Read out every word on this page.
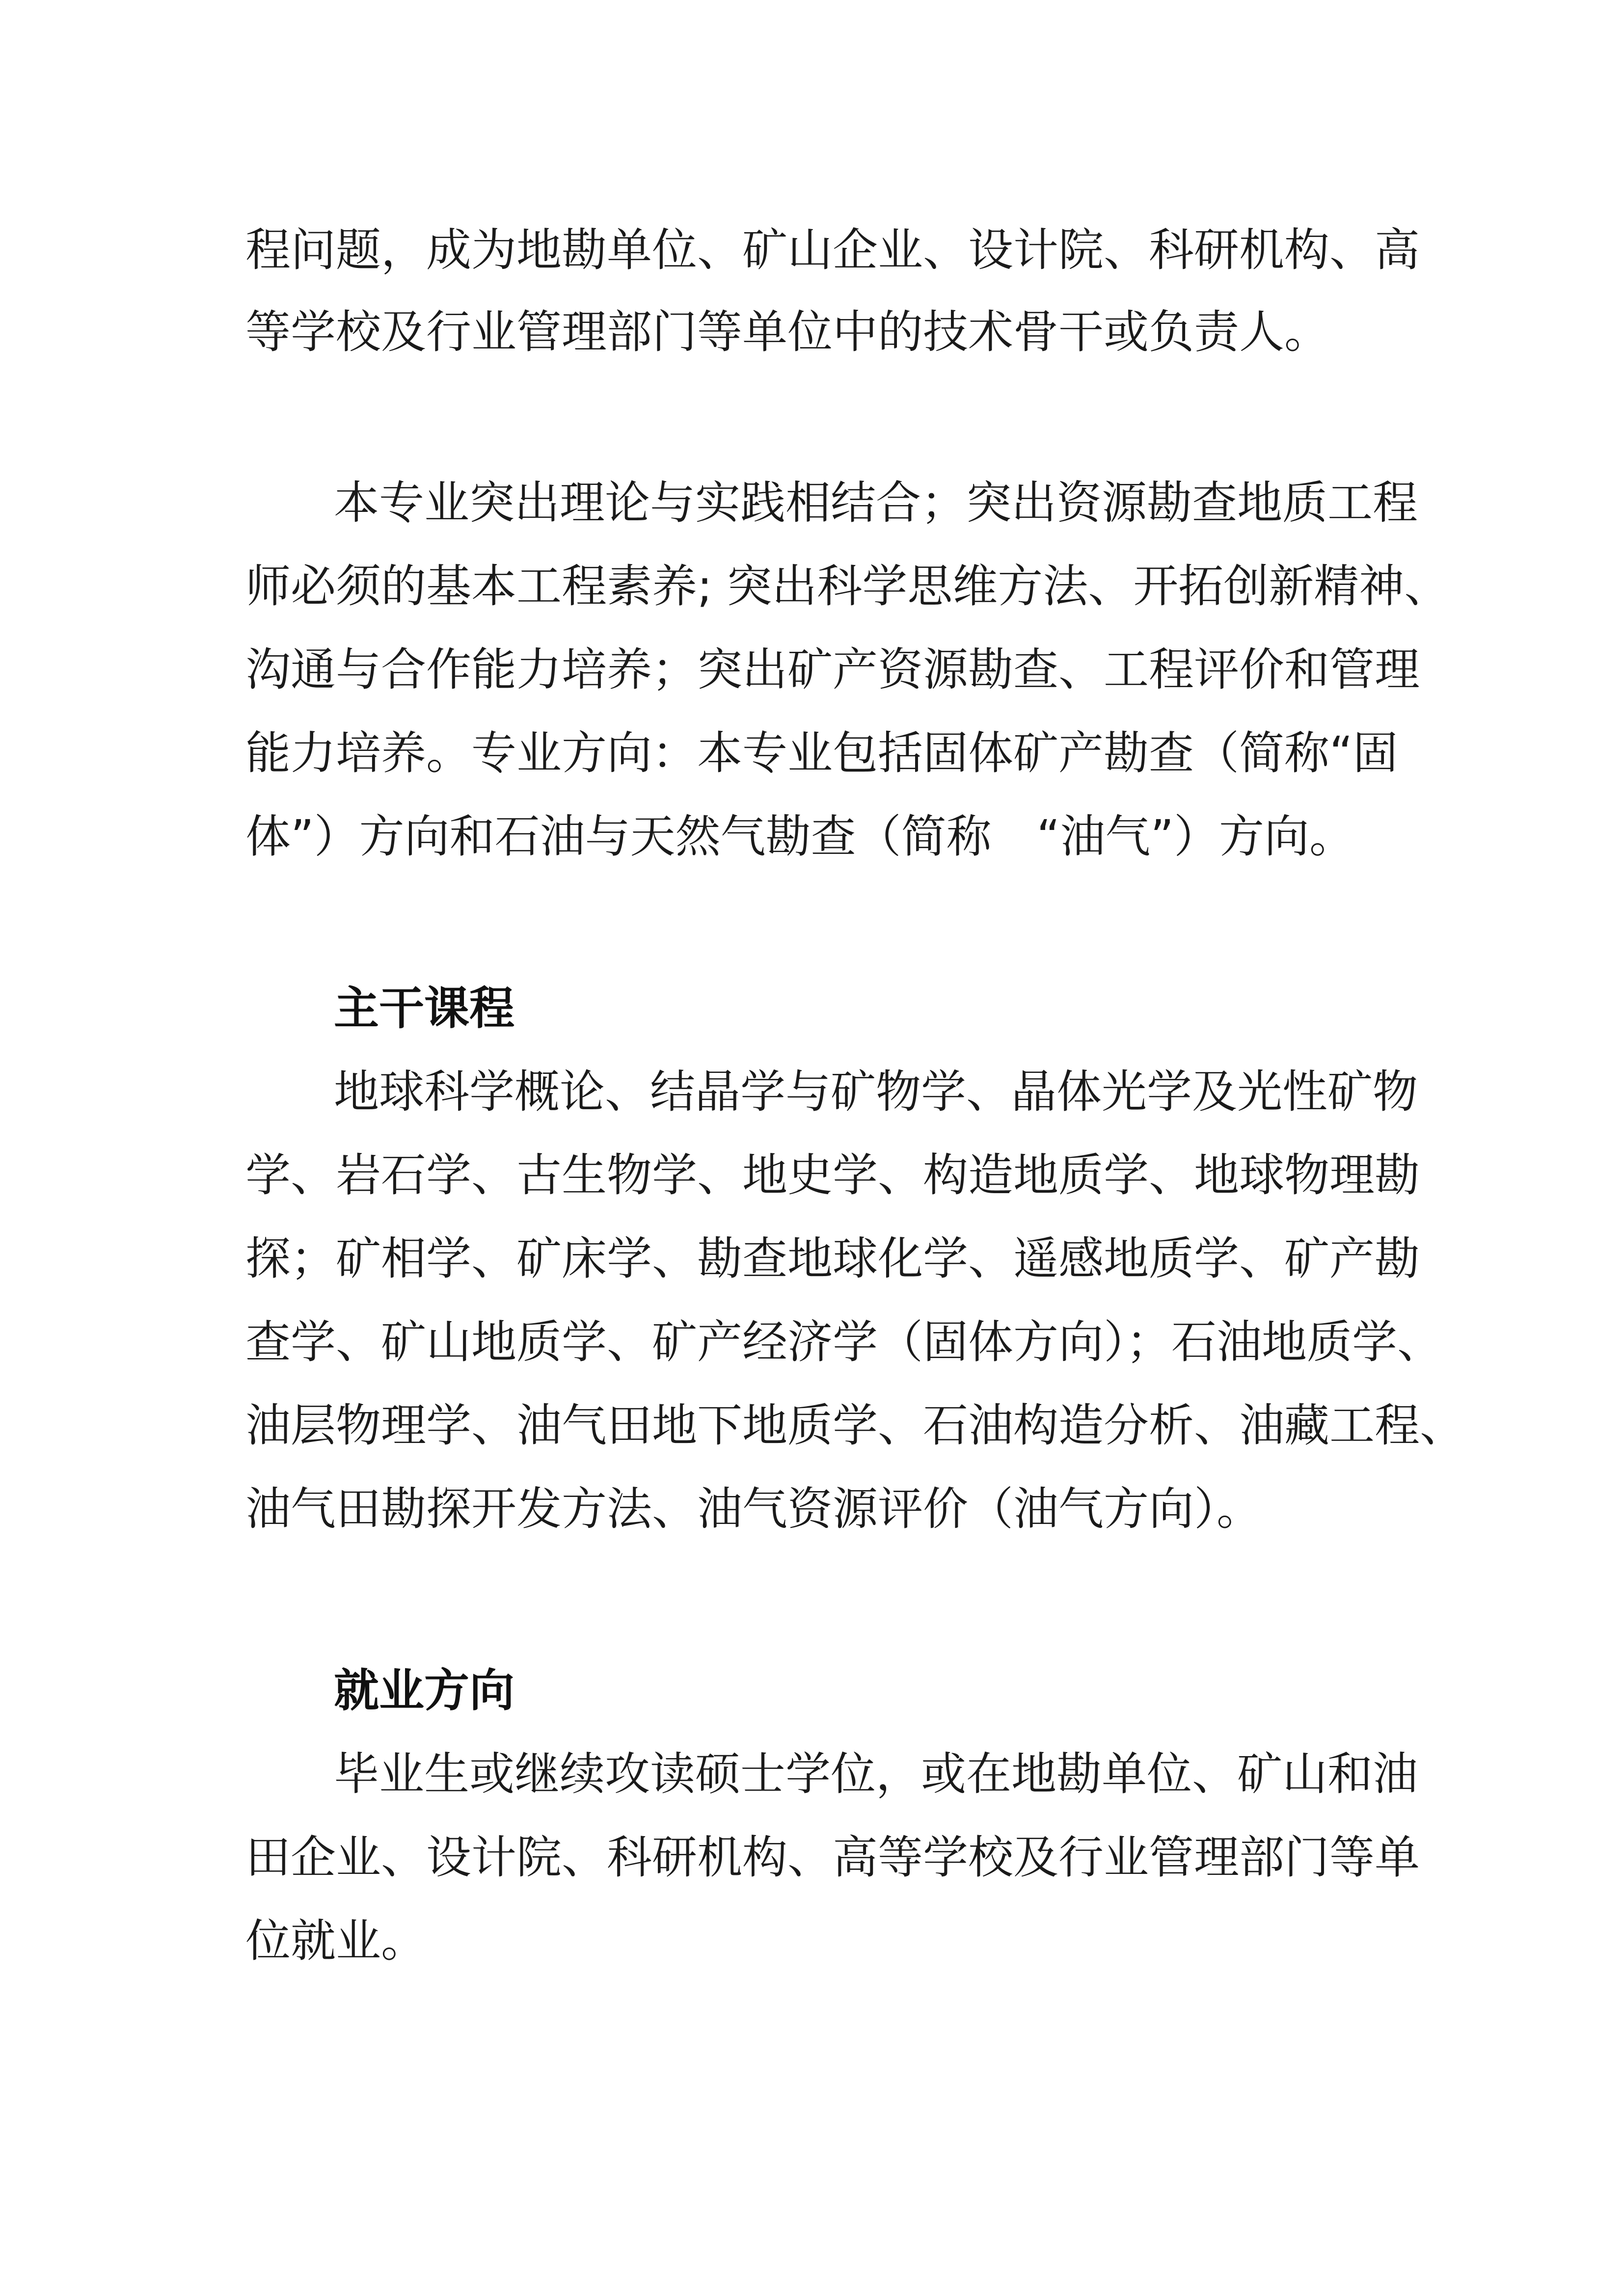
程问题，成为地勘单位、矿山企业、设计院、科研机构、高

等学校及行业管理部门等单位中的技术骨干或负责人。

本专业突出理论与实践相结合；突出资源勘查地质工程

师必须的基本工程素养; 突出科学思维方法、开拓创新精神、

沟通与合作能力培养；突出矿产资源勘查、工程评价和管理

能力培养。专业方向：本专业包括固体矿产勘查（简称“固

体”）方向和石油与天然气勘查（简称　“油气”）方向。

主干课程

地球科学概论、结晶学与矿物学、晶体光学及光性矿物

学、岩石学、古生物学、地史学、构造地质学、地球物理勘

探；矿相学、矿床学、勘查地球化学、遥感地质学、矿产勘

查学、矿山地质学、矿产经济学（固体方向）；石油地质学、

油层物理学、油气田地下地质学、石油构造分析、油藏工程、

油气田勘探开发方法、油气资源评价（油气方向）。

就业方向

毕业生或继续攻读硕士学位，或在地勘单位、矿山和油

田企业、设计院、科研机构、高等学校及行业管理部门等单

位就业。
